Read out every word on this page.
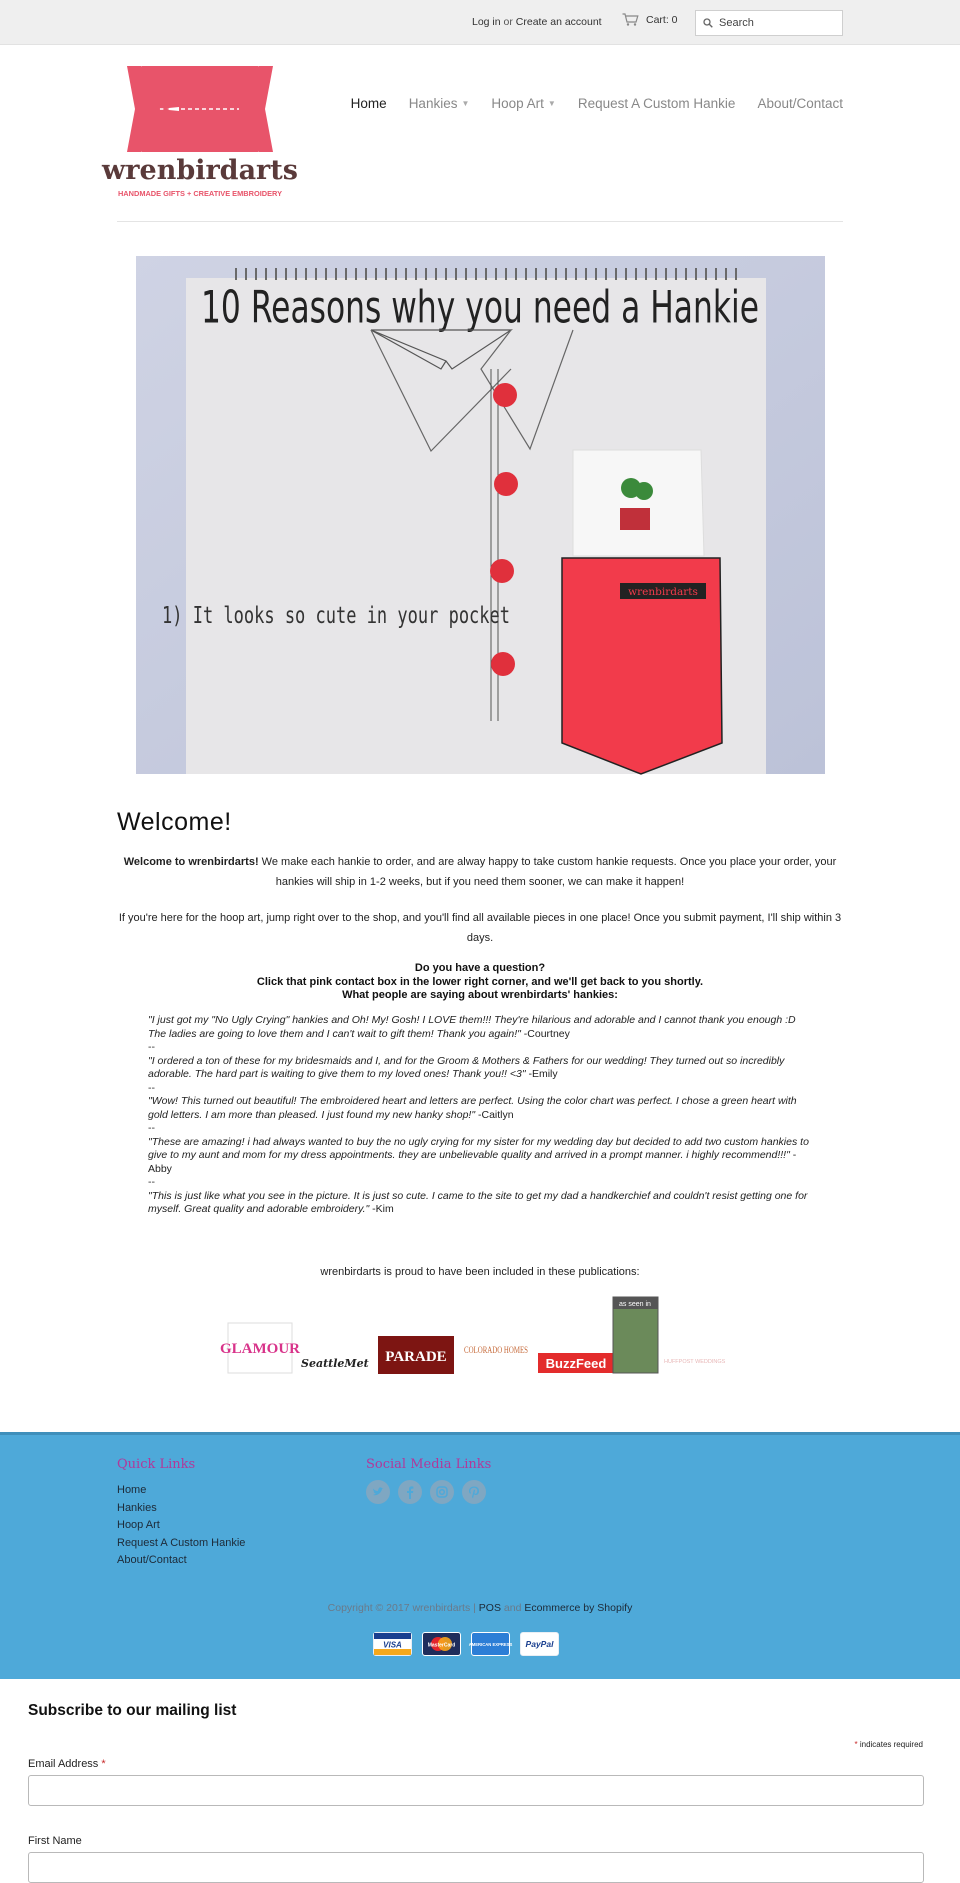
Log in or Create an account	Cart: 0
Search
wrenbirdarts
HANDMADE GIFTS + CREATIVE EMBROIDERY
Home Hankies ▼ Hoop Art ▼ Request A Custom Hankie About/Contact
10 Reasons why you need a Hankie
wrenbirdarts
1) It looks so cute in your pocket
Welcome!

Welcome to wrenbirdarts! We make each hankie to order, and are alway happy to take custom hankie requests. Once you place your order, your hankies will ship in 1-2 weeks, but if you need them sooner, we can make it happen!

If you're here for the hoop art, jump right over to the shop, and you'll find all available pieces in one place! Once you submit payment, I'll ship within 3 days.

Do you have a question?
Click that pink contact box in the lower right corner, and we'll get back to you shortly.
What people are saying about wrenbirdarts' hankies:
"I just got my "No Ugly Crying" hankies and Oh! My! Gosh! I LOVE them!!! They're hilarious and adorable and I cannot thank you enough :D The ladies are going to love them and I can't wait to gift them! Thank you again!" -Courtney
--
"I ordered a ton of these for my bridesmaids and I, and for the Groom & Mothers & Fathers for our wedding! They turned out so incredibly adorable. The hard part is waiting to give them to my loved ones! Thank you!! <3" -Emily
--
"Wow! This turned out beautiful! The embroidered heart and letters are perfect. Using the color chart was perfect. I chose a green heart with gold letters. I am more than pleased. I just found my new hanky shop!" -Caitlyn
--
"These are amazing! i had always wanted to buy the no ugly crying for my sister for my wedding day but decided to add two custom hankies to give to my aunt and mom for my dress appointments. they are unbelievable quality and arrived in a prompt manner. i highly recommend!!!" -Abby
--
"This is just like what you see in the picture. It is just so cute. I came to the site to get my dad a handkerchief and couldn't resist getting one for myself. Great quality and adorable embroidery." -Kim
wrenbirdarts is proud to have been included in these publications:
GLAMOUR
SeattleMet PARADE COLORADO HOMES
BuzzFeed
as seen in
HUFFPOST WEDDINGS
Quick Links
Home
Hankies
Hoop Art
Request A Custom Hankie
About/Contact
Social Media Links
Copyright © 2017 wrenbirdarts | POS and Ecommerce by Shopify
VISA	MasterCard	AMERICAN EXPRESS PayPal
Subscribe to our mailing list
* indicates required
Email Address *
First Name
